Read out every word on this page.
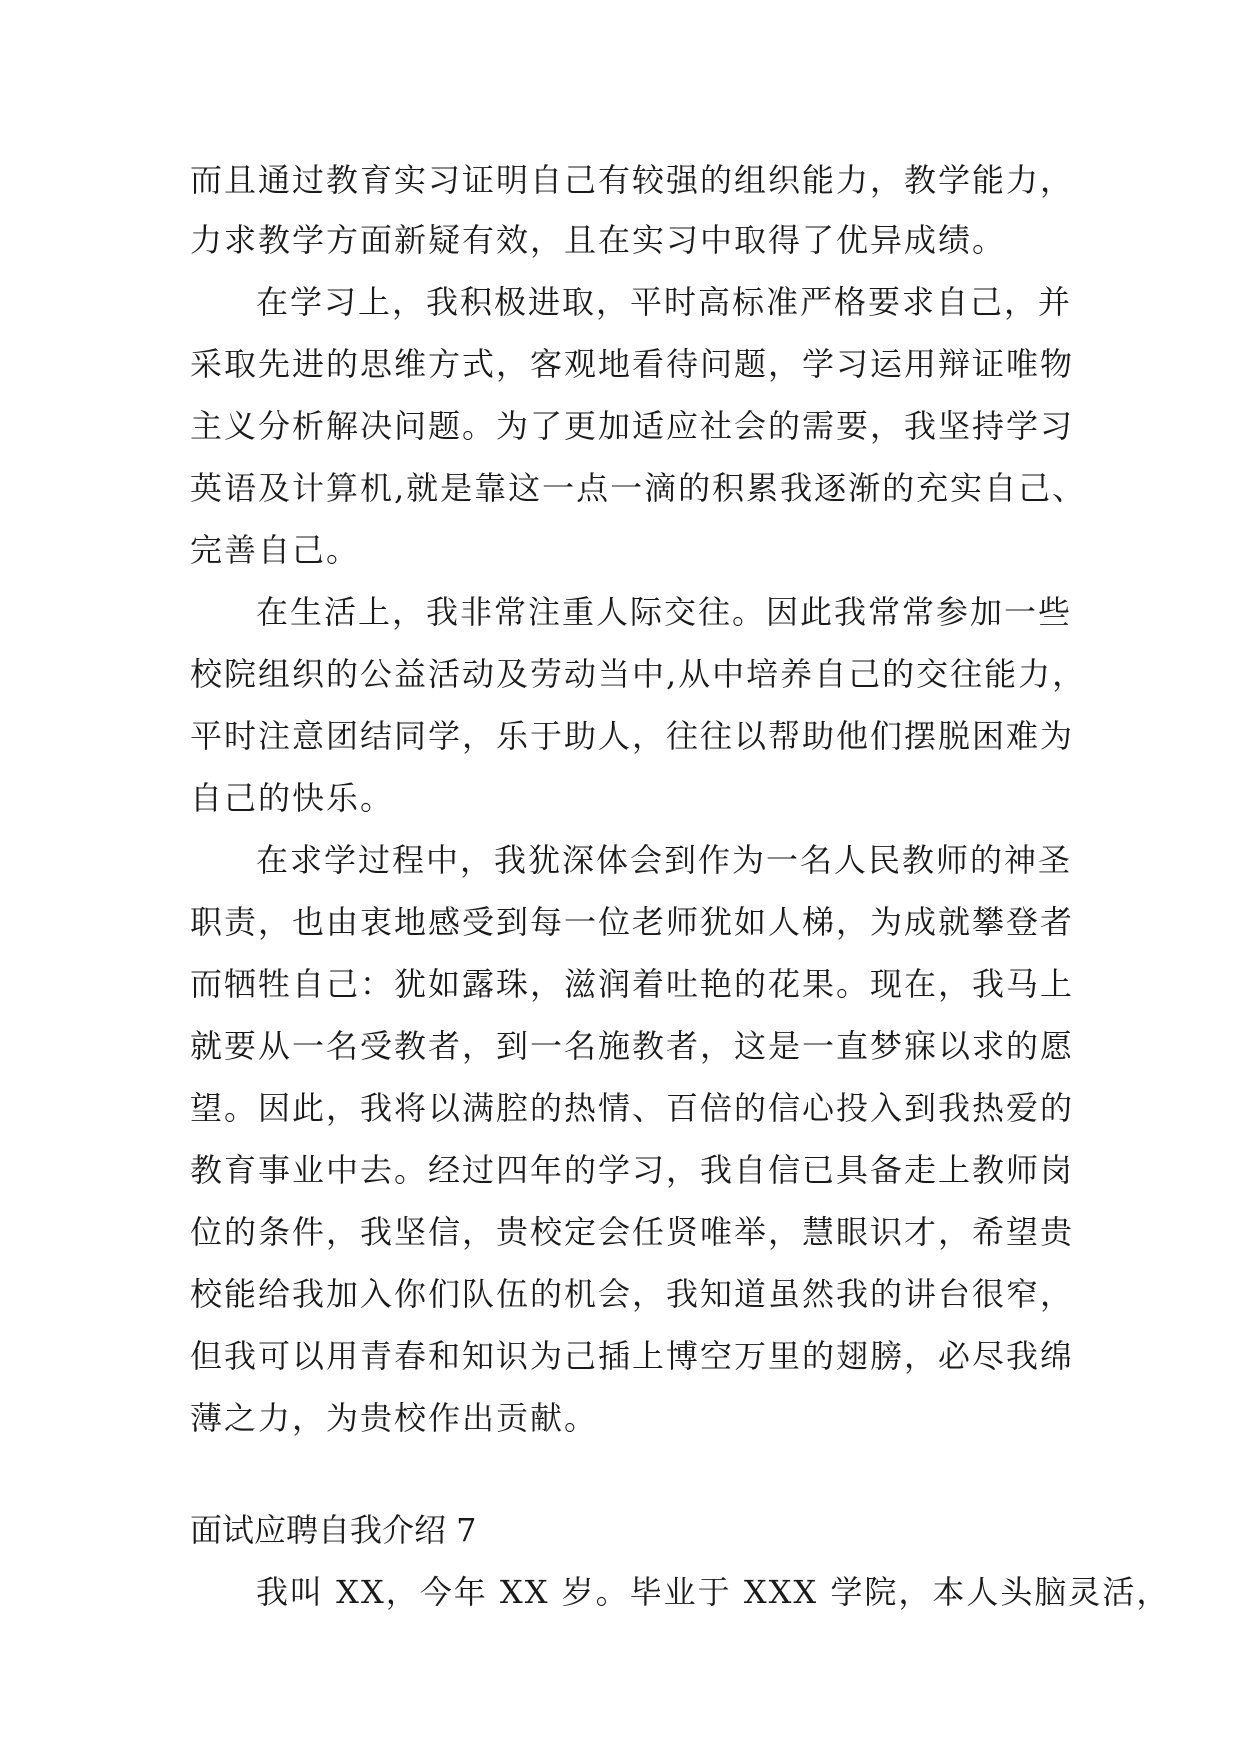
而且通过教育实习证明自己有较强的组织能力，教学能力，
力求教学方面新疑有效，且在实习中取得了优异成绩。
在学习上，我积极进取，平时高标准严格要求自己，并
采取先进的思维方式，客观地看待问题，学习运用辩证唯物
主义分析解决问题。为了更加适应社会的需要，我坚持学习
英语及计算机,就是靠这一点一滴的积累我逐渐的充实自己、
完善自己。
在生活上，我非常注重人际交往。因此我常常参加一些
校院组织的公益活动及劳动当中,从中培养自己的交往能力，
平时注意团结同学，乐于助人，往往以帮助他们摆脱困难为
自己的快乐。
在求学过程中，我犹深体会到作为一名人民教师的神圣
职责，也由衷地感受到每一位老师犹如人梯，为成就攀登者
而牺牲自己：犹如露珠，滋润着吐艳的花果。现在，我马上
就要从一名受教者，到一名施教者，这是一直梦寐以求的愿
望。因此，我将以满腔的热情、百倍的信心投入到我热爱的
教育事业中去。经过四年的学习，我自信已具备走上教师岗
位的条件，我坚信，贵校定会任贤唯举，慧眼识才，希望贵
校能给我加入你们队伍的机会，我知道虽然我的讲台很窄，
但我可以用青春和知识为己插上博空万里的翅膀，必尽我绵
薄之力，为贵校作出贡献。
面试应聘自我介绍 7
我叫 XX，今年 XX 岁。毕业于 XXX 学院，本人头脑灵活，
